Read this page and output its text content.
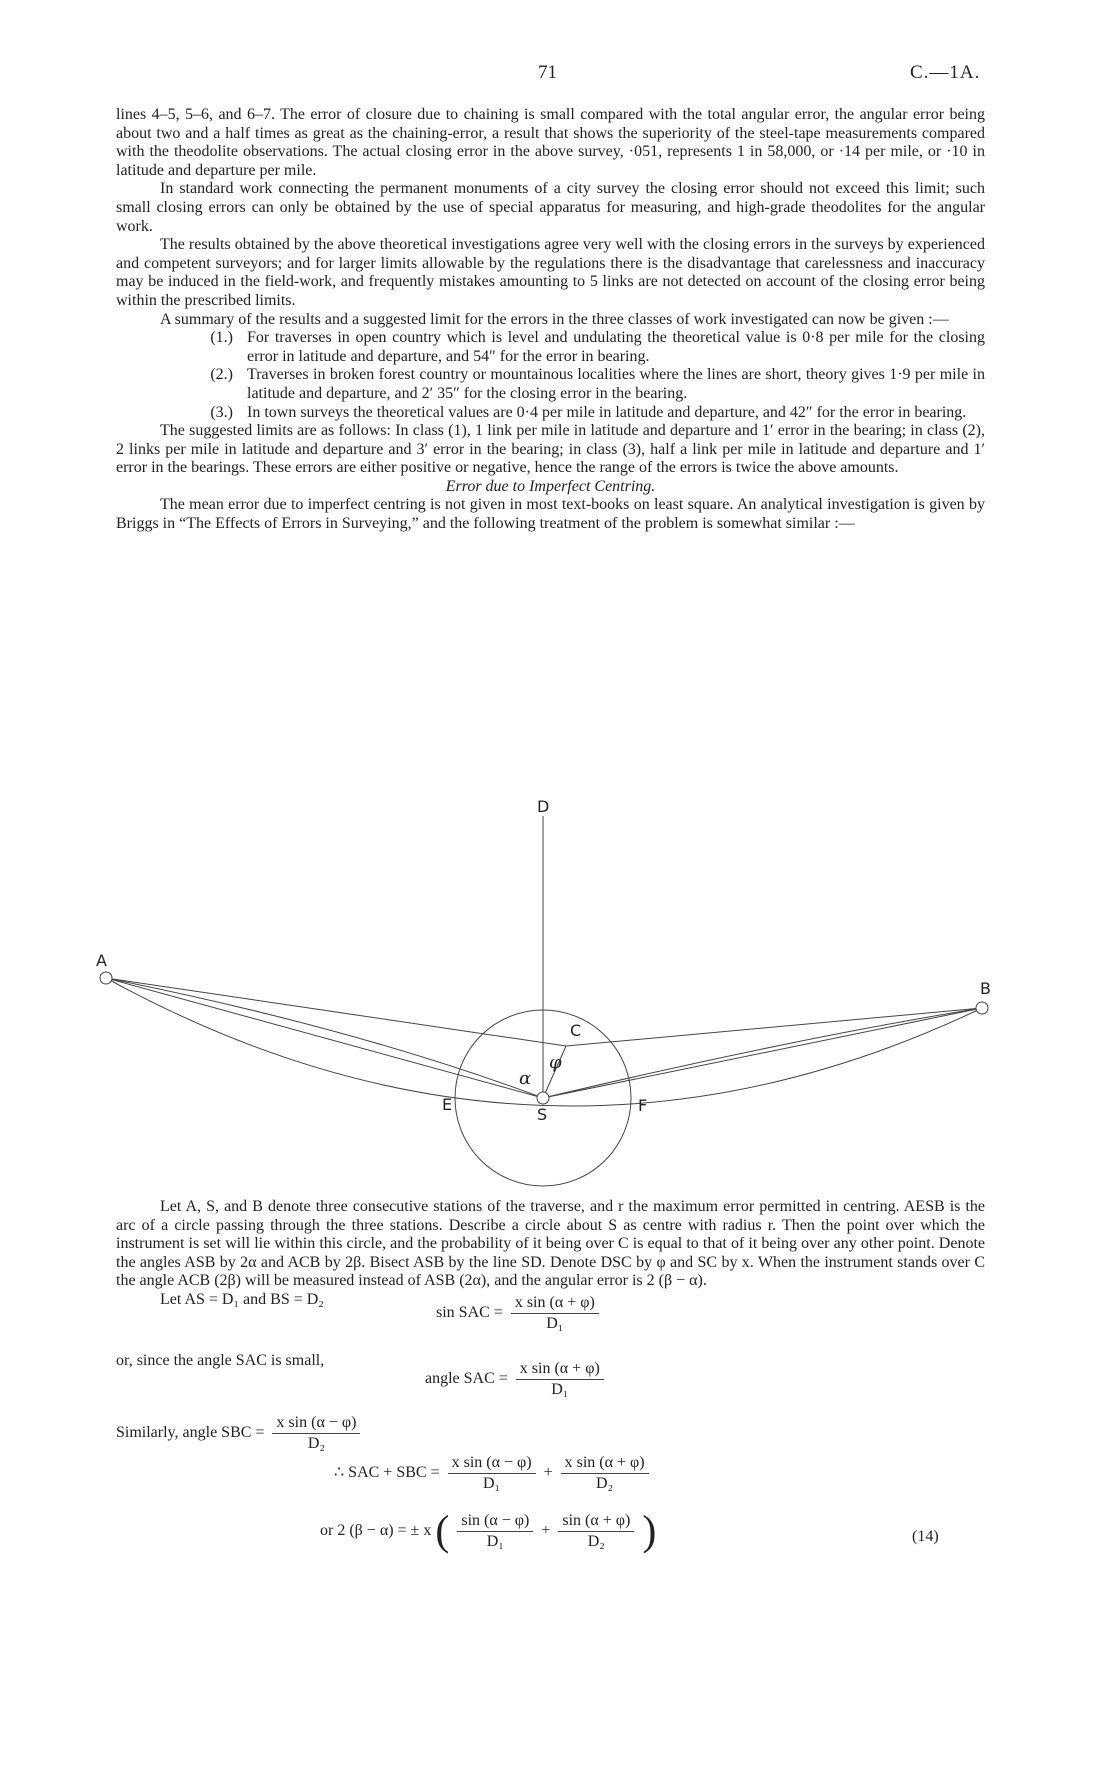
71	C.—1A.

lines 4–5, 5–6, and 6–7. The error of closure due to chaining is small compared with the total angular error, the angular error being about two and a half times as great as the chaining-error, a result that shows the superiority of the steel-tape measurements compared with the theodolite observations. The actual closing error in the above survey, ·051, represents 1 in 58,000, or ·14 per mile, or ·10 in latitude and departure per mile.

In standard work connecting the permanent monuments of a city survey the closing error should not exceed this limit; such small closing errors can only be obtained by the use of special apparatus for measuring, and high-grade theodolites for the angular work.

The results obtained by the above theoretical investigations agree very well with the closing errors in the surveys by experienced and competent surveyors; and for larger limits allowable by the regulations there is the disadvantage that carelessness and inaccuracy may be induced in the field-work, and frequently mistakes amounting to 5 links are not detected on account of the closing error being within the prescribed limits.

A summary of the results and a suggested limit for the errors in the three classes of work investigated can now be given :—

(1.) For traverses in open country which is level and undulating the theoretical value is 0·8 per mile for the closing error in latitude and departure, and 54″ for the error in bearing.
(2.) Traverses in broken forest country or mountainous localities where the lines are short, theory gives 1·9 per mile in latitude and departure, and 2′ 35″ for the closing error in the bearing.
(3.) In town surveys the theoretical values are 0·4 per mile in latitude and departure, and 42″ for the error in bearing.

The suggested limits are as follows: In class (1), 1 link per mile in latitude and departure and 1′ error in the bearing; in class (2), 2 links per mile in latitude and departure and 3′ error in the bearing; in class (3), half a link per mile in latitude and departure and 1′ error in the bearings. These errors are either positive or negative, hence the range of the errors is twice the above amounts.

Error due to Imperfect Centring.

The mean error due to imperfect centring is not given in most text-books on least square. An analytical investigation is given by Briggs in “The Effects of Errors in Surveying,” and the following treatment of the problem is somewhat similar :—

D
A
B
C
E
S	F
φ
α

Let A, S, and B denote three consecutive stations of the traverse, and r the maximum error permitted in centring. AESB is the arc of a circle passing through the three stations. Describe a circle about S as centre with radius r. Then the point over which the instrument is set will lie within this circle, and the probability of it being over C is equal to that of it being over any other point. Denote the angles ASB by 2α and ACB by 2β. Bisect ASB by the line SD. Denote DSC by φ and SC by x. When the instrument stands over C the angle ACB (2β) will be measured instead of ASB (2α), and the angular error is 2 (β − α).

Let AS = D₁ and BS = D₂

sin SAC = $\frac{\text{x sin (α + φ)}}{\text{D₁}}$
or, since the angle SAC is small,
angle SAC = $\frac{\text{x sin (α + φ)}}{\text{D₁}}$
Similarly, angle SBC = $\frac{\text{x sin (α − φ)}}{\text{D₂}}$
∴ SAC + SBC = $\frac{\text{x sin (α − φ)}}{\text{D₁}} + \frac{\text{x sin (α + φ)}}{\text{D₂}}$
or 2 (β − α) = ± x ( $\frac{\sin (\alpha - \varphi)}{\text{D₁}} + \frac{\sin (\alpha + \varphi)}{\text{D₂}}$ )	(14)
